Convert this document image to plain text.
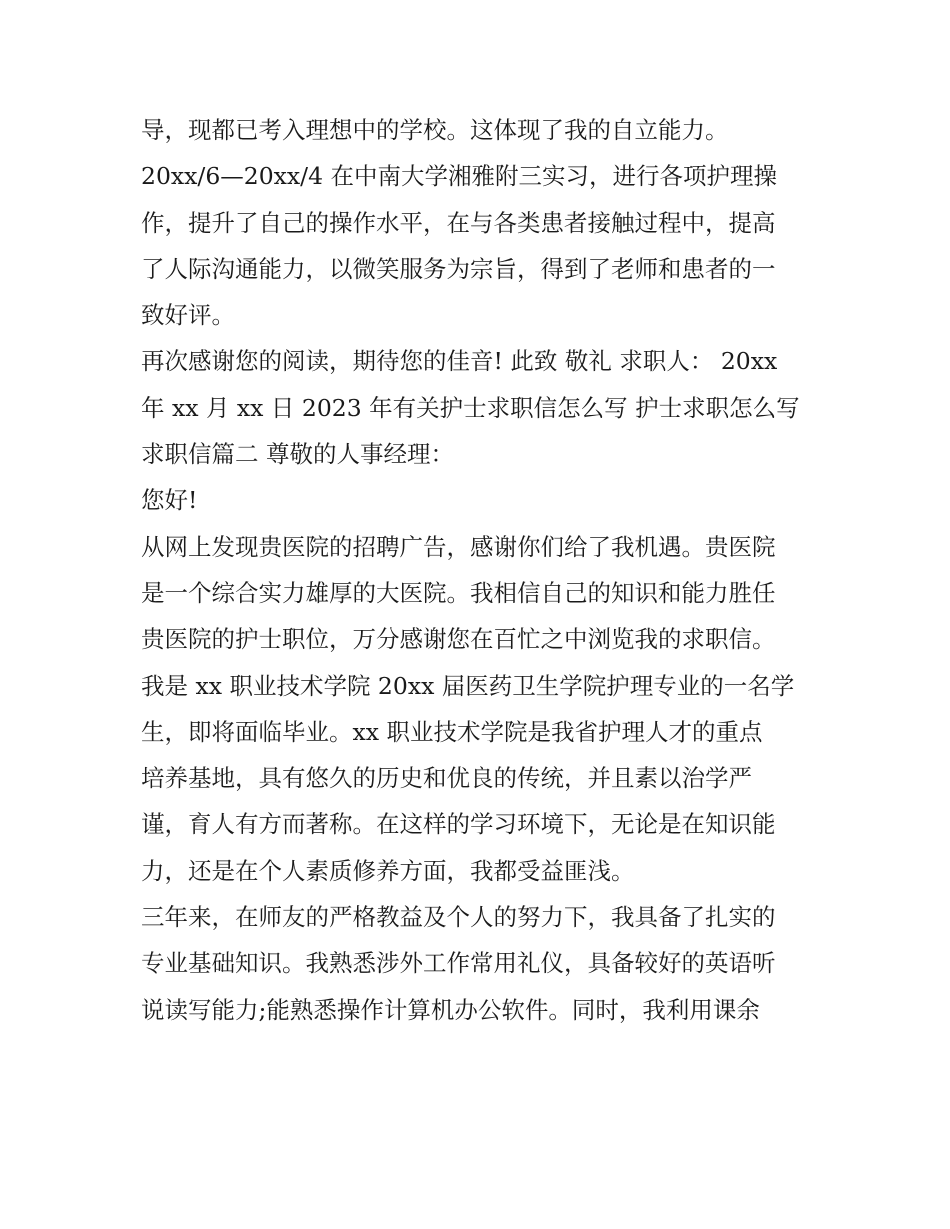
导，现都已考入理想中的学校。这体现了我的自立能力。
20xx/6—20xx/4 在中南大学湘雅附三实习，进行各项护理操
作，提升了自己的操作水平，在与各类患者接触过程中，提高
了人际沟通能力，以微笑服务为宗旨，得到了老师和患者的一
致好评。
再次感谢您的阅读，期待您的佳音! 此致 敬礼 求职人： 20xx
年 xx 月 xx 日 2023 年有关护士求职信怎么写 护士求职怎么写
求职信篇二 尊敬的人事经理：
您好!
从网上发现贵医院的招聘广告，感谢你们给了我机遇。贵医院
是一个综合实力雄厚的大医院。我相信自己的知识和能力胜任
贵医院的护士职位，万分感谢您在百忙之中浏览我的求职信。
我是 xx 职业技术学院 20xx 届医药卫生学院护理专业的一名学
生，即将面临毕业。xx 职业技术学院是我省护理人才的重点
培养基地，具有悠久的历史和优良的传统，并且素以治学严
谨，育人有方而著称。在这样的学习环境下，无论是在知识能
力，还是在个人素质修养方面，我都受益匪浅。
三年来，在师友的严格教益及个人的努力下，我具备了扎实的
专业基础知识。我熟悉涉外工作常用礼仪，具备较好的英语听
说读写能力;能熟悉操作计算机办公软件。同时，我利用课余
